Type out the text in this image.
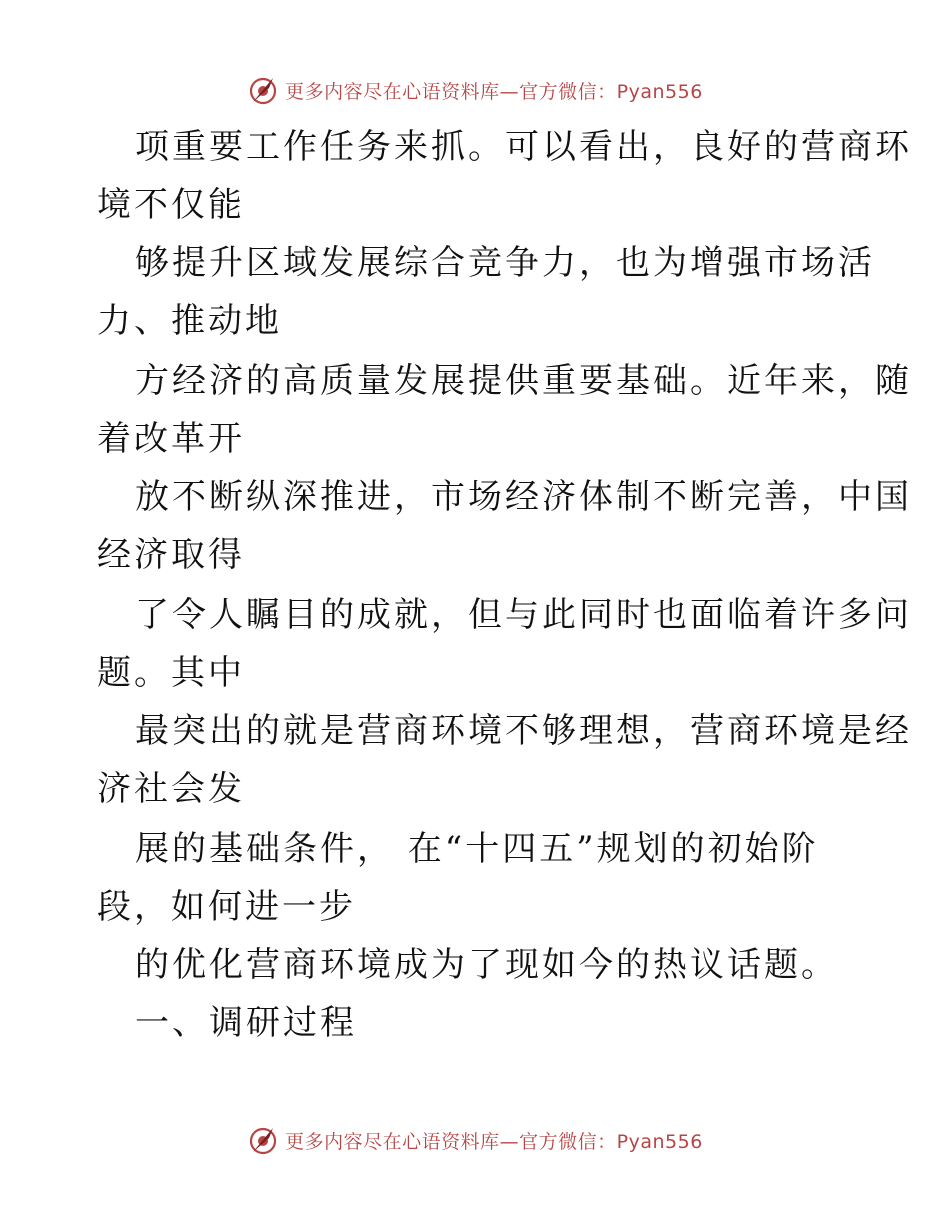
更多内容尽在心语资料库—官方微信：Pyan556
项重要工作任务来抓。可以看出，良好的营商环
境不仅能
够提升区域发展综合竞争力，也为增强市场活
力、推动地
方经济的高质量发展提供重要基础。近年来，随
着改革开
放不断纵深推进，市场经济体制不断完善，中国
经济取得
了令人瞩目的成就，但与此同时也面临着许多问
题。其中
最突出的就是营商环境不够理想，营商环境是经
济社会发
展的基础条件， 在“十四五”规划的初始阶
段，如何进一步
的优化营商环境成为了现如今的热议话题。
一、调研过程
更多内容尽在心语资料库—官方微信：Pyan556
